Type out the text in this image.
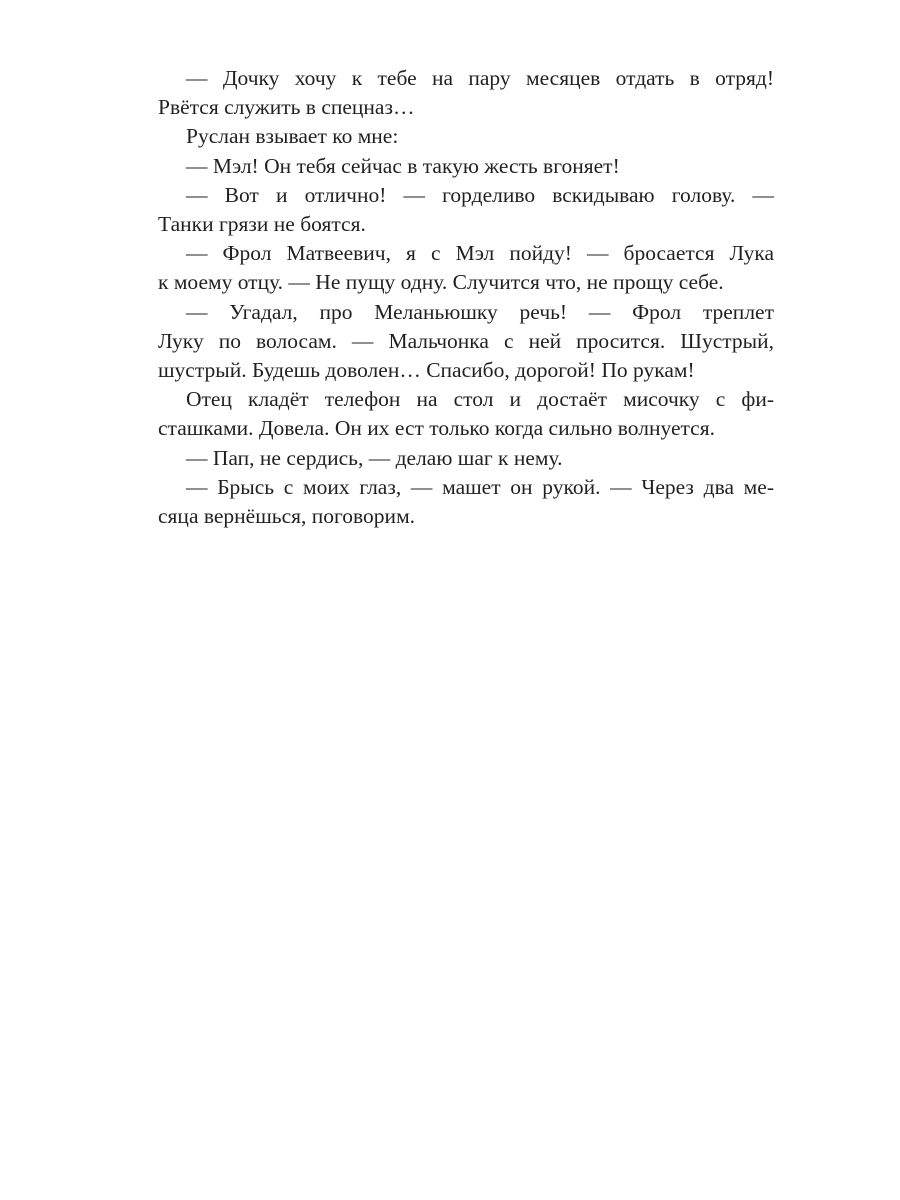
— Дочку хочу к тебе на пару месяцев отдать в отряд!
Рвётся служить в спецназ…
Руслан взывает ко мне:
— Мэл! Он тебя сейчас в такую жесть вгоняет!
— Вот и отлично! — горделиво вскидываю голову. —
Танки грязи не боятся.
— Фрол Матвеевич, я с Мэл пойду! — бросается Лука
к моему отцу. — Не пущу одну. Случится что, не прощу себе.
— Угадал, про Меланьюшку речь! — Фрол треплет
Луку по волосам. — Мальчонка с ней просится. Шустрый,
шустрый. Будешь доволен… Спасибо, дорогой! По рукам!
Отец кладёт телефон на стол и достаёт мисочку с фи-
сташками. Довела. Он их ест только когда сильно волнуется.
— Пап, не сердись, — делаю шаг к нему.
— Брысь с моих глаз, — машет он рукой. — Через два ме-
сяца вернёшься, поговорим.
